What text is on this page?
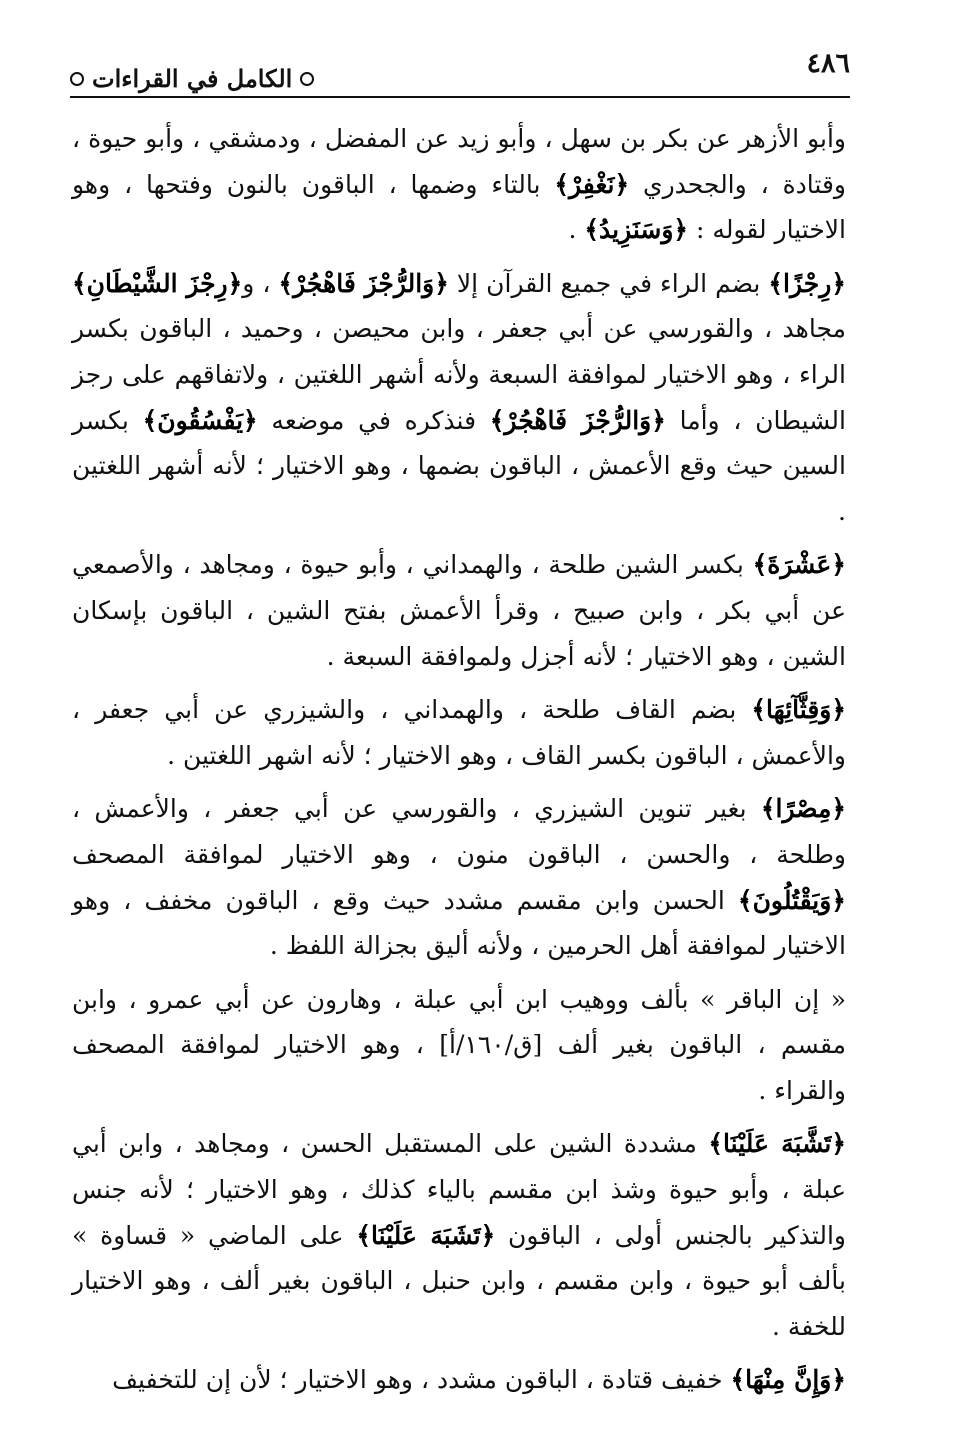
٤٨٦
الكامل في القراءات

وأبو الأزهر عن بكر بن سهل ، وأبو زيد عن المفضل ، ودمشقي ، وأبو حيوة ، وقتادة ، والجحدري ﴿نَغْفِرْ﴾ بالتاء وضمها ، الباقون بالنون وفتحها ، وهو الاختيار لقوله : ﴿وَسَنَزِيدُ﴾ .

﴿رِجْزًا﴾ بضم الراء في جميع القرآن إلا ﴿وَالرُّجْزَ فَاهْجُرْ﴾ ، و﴿رِجْزَ الشَّيْطَانِ﴾ مجاهد ، والقورسي عن أبي جعفر ، وابن محيصن ، وحميد ، الباقون بكسر الراء ، وهو الاختيار لموافقة السبعة ولأنه أشهر اللغتين ، ولاتفاقهم على رجز الشيطان ، وأما ﴿وَالرُّجْزَ فَاهْجُرْ﴾ فنذكره في موضعه ﴿يَفْسُقُونَ﴾ بكسر السين حيث وقع الأعمش ، الباقون بضمها ، وهو الاختيار ؛ لأنه أشهر اللغتين .

﴿عَشْرَةَ﴾ بكسر الشين طلحة ، والهمداني ، وأبو حيوة ، ومجاهد ، والأصمعي عن أبي بكر ، وابن صبيح ، وقرأ الأعمش بفتح الشين ، الباقون بإسكان الشين ، وهو الاختيار ؛ لأنه أجزل ولموافقة السبعة .

﴿وَقِثَّآئِهَا﴾ بضم القاف طلحة ، والهمداني ، والشيزري عن أبي جعفر ، والأعمش ، الباقون بكسر القاف ، وهو الاختيار ؛ لأنه اشهر اللغتين .

﴿مِصْرًا﴾ بغير تنوين الشيزري ، والقورسي عن أبي جعفر ، والأعمش ، وطلحة ، والحسن ، الباقون منون ، وهو الاختيار لموافقة المصحف ﴿وَيَقْتُلُونَ﴾ الحسن وابن مقسم مشدد حيث وقع ، الباقون مخفف ، وهو الاختيار لموافقة أهل الحرمين ، ولأنه أليق بجزالة اللفظ .

« إن الباقر » بألف ووهيب ابن أبي عبلة ، وهارون عن أبي عمرو ، وابن مقسم ، الباقون بغير ألف [ق/١٦٠/أ] ، وهو الاختيار لموافقة المصحف والقراء .

﴿تَشَّبَهَ عَلَيْنَا﴾ مشددة الشين على المستقبل الحسن ، ومجاهد ، وابن أبي عبلة ، وأبو حيوة وشذ ابن مقسم بالياء كذلك ، وهو الاختيار ؛ لأنه جنس والتذكير بالجنس أولى ، الباقون ﴿تَشَبَهَ عَلَيْنَا﴾ على الماضي « قساوة » بألف أبو حيوة ، وابن مقسم ، وابن حنبل ، الباقون بغير ألف ، وهو الاختيار للخفة .

﴿وَإِنَّ مِنْهَا﴾ خفيف قتادة ، الباقون مشدد ، وهو الاختيار ؛ لأن إن للتخفيف
